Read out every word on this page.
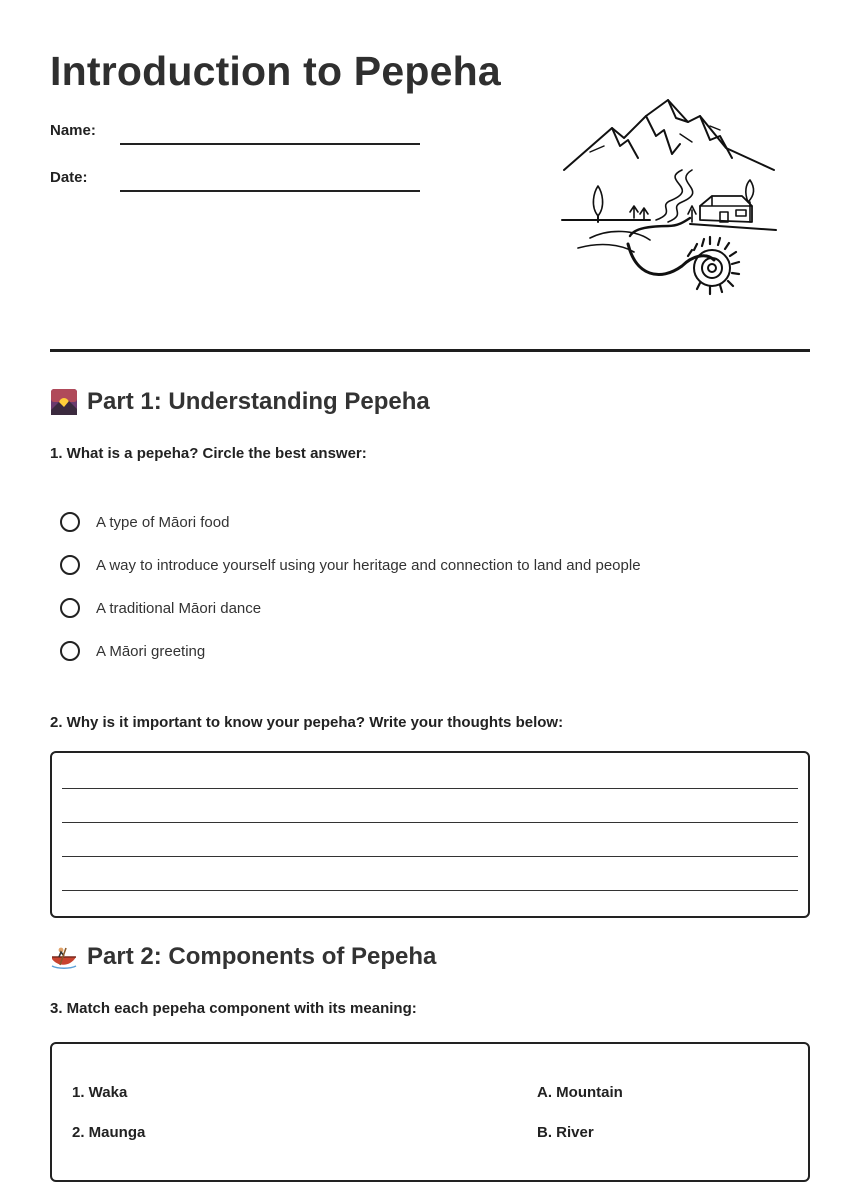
Introduction to Pepeha
Name:
Date:
Part 1: Understanding Pepeha
1. What is a pepeha? Circle the best answer:
A type of Māori food
A way to introduce yourself using your heritage and connection to land and people
A traditional Māori dance
A Māori greeting
2. Why is it important to know your pepeha? Write your thoughts below:
Part 2: Components of Pepeha
3. Match each pepeha component with its meaning:
1. Waka
2. Maunga
A. Mountain
B. River
